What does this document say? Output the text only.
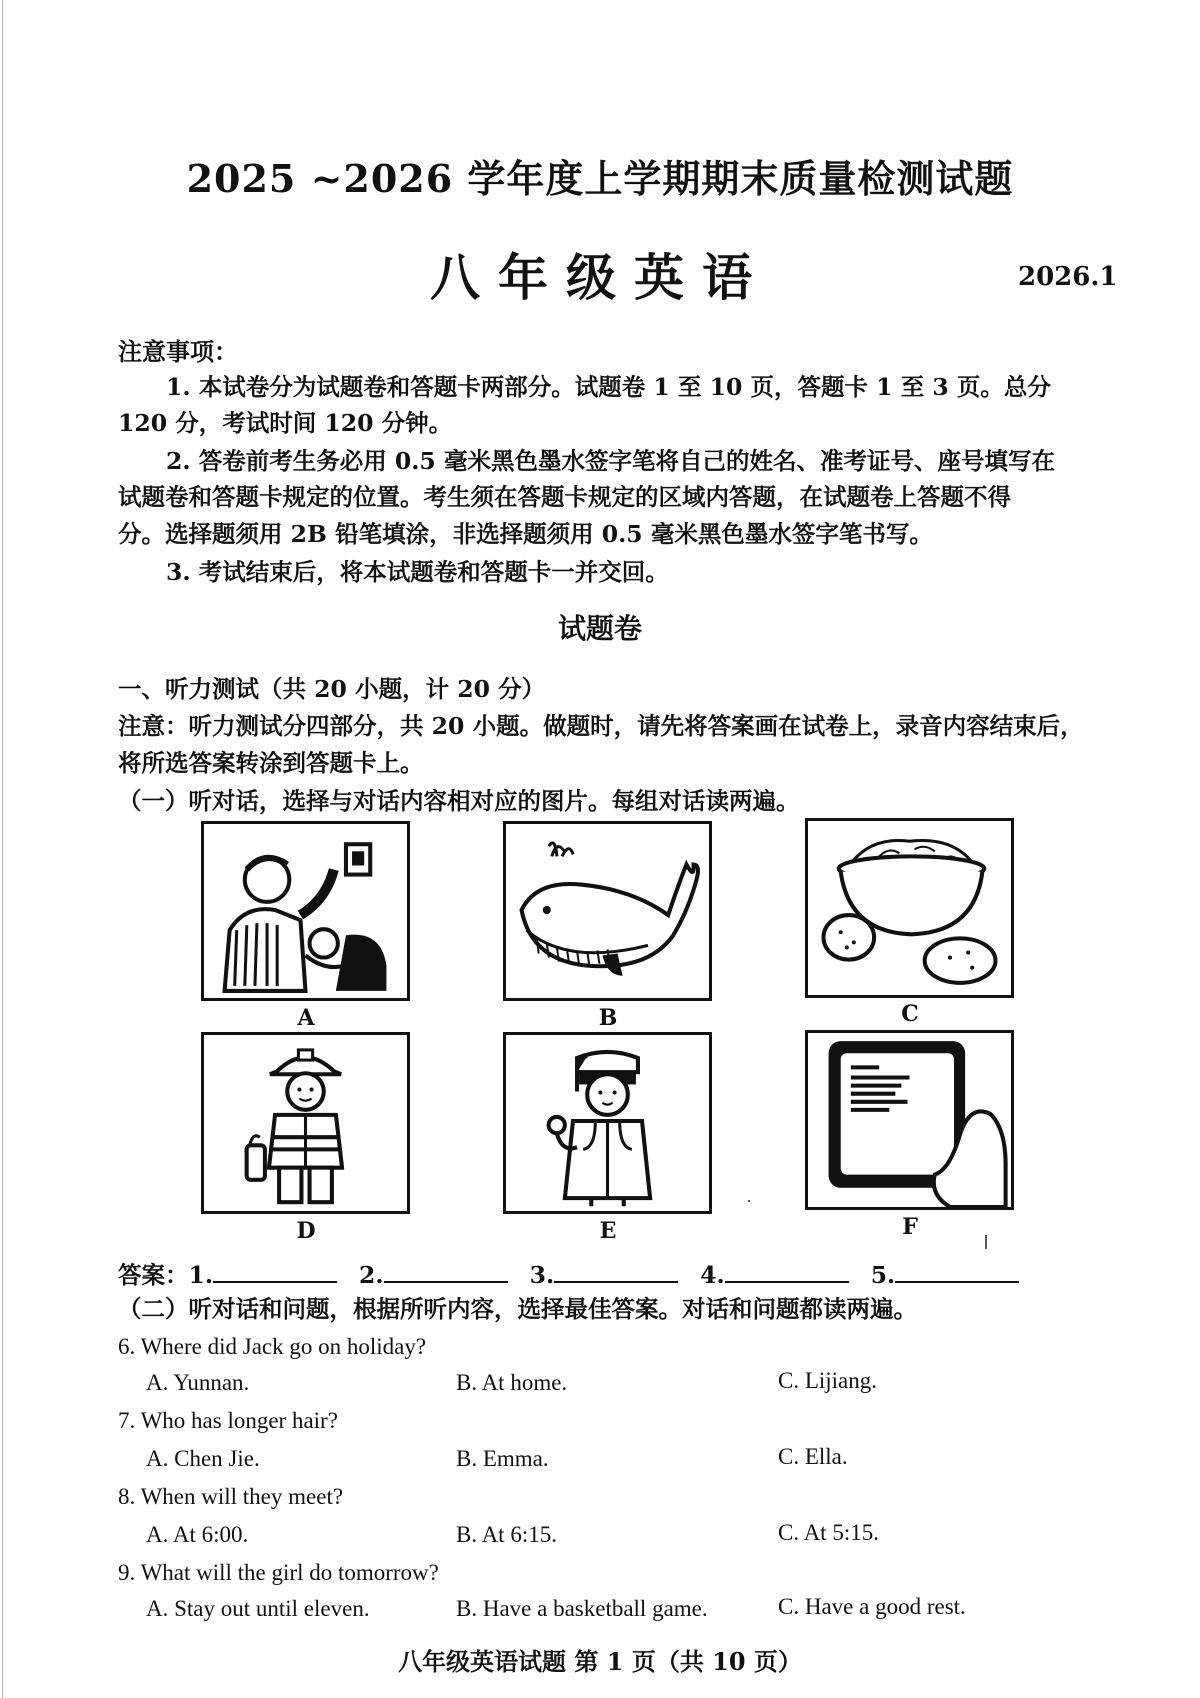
2025 ~2026 学年度上学期期末质量检测试题
八年级英语	2026.1
注意事项：
1. 本试卷分为试题卷和答题卡两部分。试题卷 1 至 10 页，答题卡 1 至 3 页。总分
120 分，考试时间 120 分钟。
2. 答卷前考生务必用 0.5 毫米黑色墨水签字笔将自己的姓名、准考证号、座号填写在
试题卷和答题卡规定的位置。考生须在答题卡规定的区域内答题，在试题卷上答题不得
分。选择题须用 2B 铅笔填涂，非选择题须用 0.5 毫米黑色墨水签字笔书写。
3. 考试结束后，将本试题卷和答题卡一并交回。
试题卷
一、听力测试（共 20 小题，计 20 分）
注意：听力测试分四部分，共 20 小题。做题时，请先将答案画在试卷上，录音内容结束后，
将所选答案转涂到答题卡上。
（一）听对话，选择与对话内容相对应的图片。每组对话读两遍。
A	B	C
D	E	F
答案：1.	2.	3.	4.	5.
（二）听对话和问题，根据所听内容，选择最佳答案。对话和问题都读两遍。
6. Where did Jack go on holiday?
A. Yunnan.	B. At home.	C. Lijiang.
7. Who has longer hair?
A. Chen Jie.	B. Emma.	C. Ella.
8. When will they meet?
A. At 6:00.	B. At 6:15.	C. At 5:15.
9. What will the girl do tomorrow?
A. Stay out until eleven.	B. Have a basketball game.	C. Have a good rest.
八年级英语试题 第 1 页（共 10 页）
